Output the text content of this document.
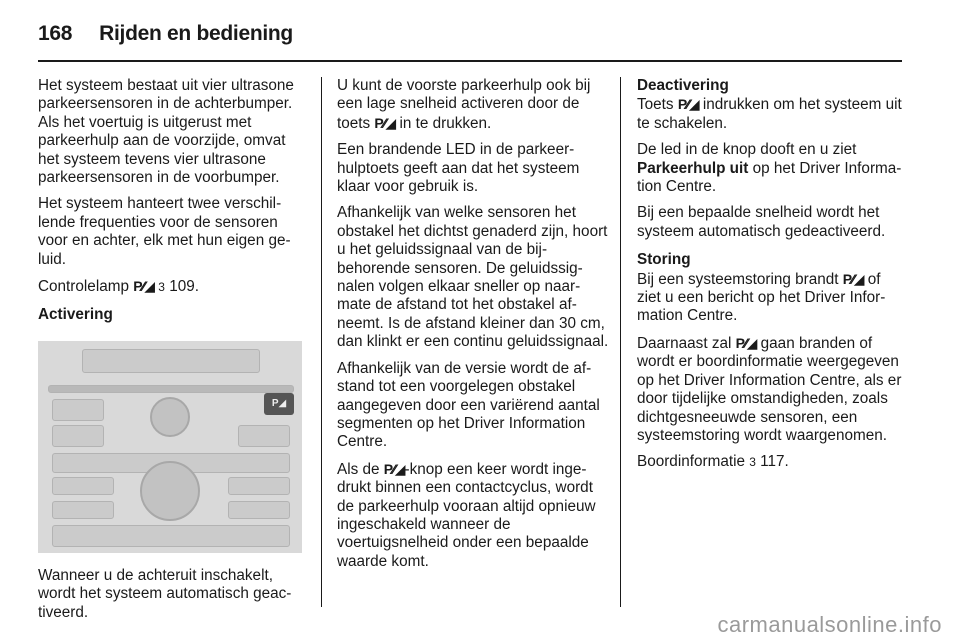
168 Rijden en bediening

Het systeem bestaat uit vier ultrasone parkeersensoren in de achterbumper. Als het voertuig is uitgerust met parkeerhulp aan de voorzijde, omvat het systeem tevens vier ultrasone parkeersensoren in de voorbumper.

Het systeem hanteert twee verschillende frequenties voor de sensoren voor en achter, elk met hun eigen geluid.

Controlelamp P⁄⁄◢ 3 109.

Activering

P◢

Wanneer u de achteruit inschakelt, wordt het systeem automatisch geactiveerd.

U kunt de voorste parkeerhulp ook bij een lage snelheid activeren door de toets P⁄⁄◢ in te drukken.

Een brandende LED in de parkeerhulptoets geeft aan dat het systeem klaar voor gebruik is.

Afhankelijk van welke sensoren het obstakel het dichtst genaderd zijn, hoort u het geluidssignaal van de bijbehorende sensoren. De geluidssignalen volgen elkaar sneller op naarmate de afstand tot het obstakel afneemt. Is de afstand kleiner dan 30 cm, dan klinkt er een continu geluidssignaal.

Afhankelijk van de versie wordt de afstand tot een voorgelegen obstakel aangegeven door een variërend aantal segmenten op het Driver Information Centre.

Als de P⁄⁄◢-knop een keer wordt ingedrukt binnen een contactcyclus, wordt de parkeerhulp vooraan altijd opnieuw ingeschakeld wanneer de voertuigsnelheid onder een bepaalde waarde komt.

Deactivering

Toets P⁄⁄◢ indrukken om het systeem uit te schakelen.

De led in de knop dooft en u ziet Parkeerhulp uit op het Driver Information Centre.

Bij een bepaalde snelheid wordt het systeem automatisch gedeactiveerd.

Storing

Bij een systeemstoring brandt P⁄⁄◢ of ziet u een bericht op het Driver Information Centre.

Daarnaast zal P⁄⁄◢ gaan branden of wordt er boordinformatie weergegeven op het Driver Information Centre, als er door tijdelijke omstandigheden, zoals dichtgesneeuwde sensoren, een systeemstoring wordt waargenomen.

Boordinformatie 3 117.

carmanualsonline.info
